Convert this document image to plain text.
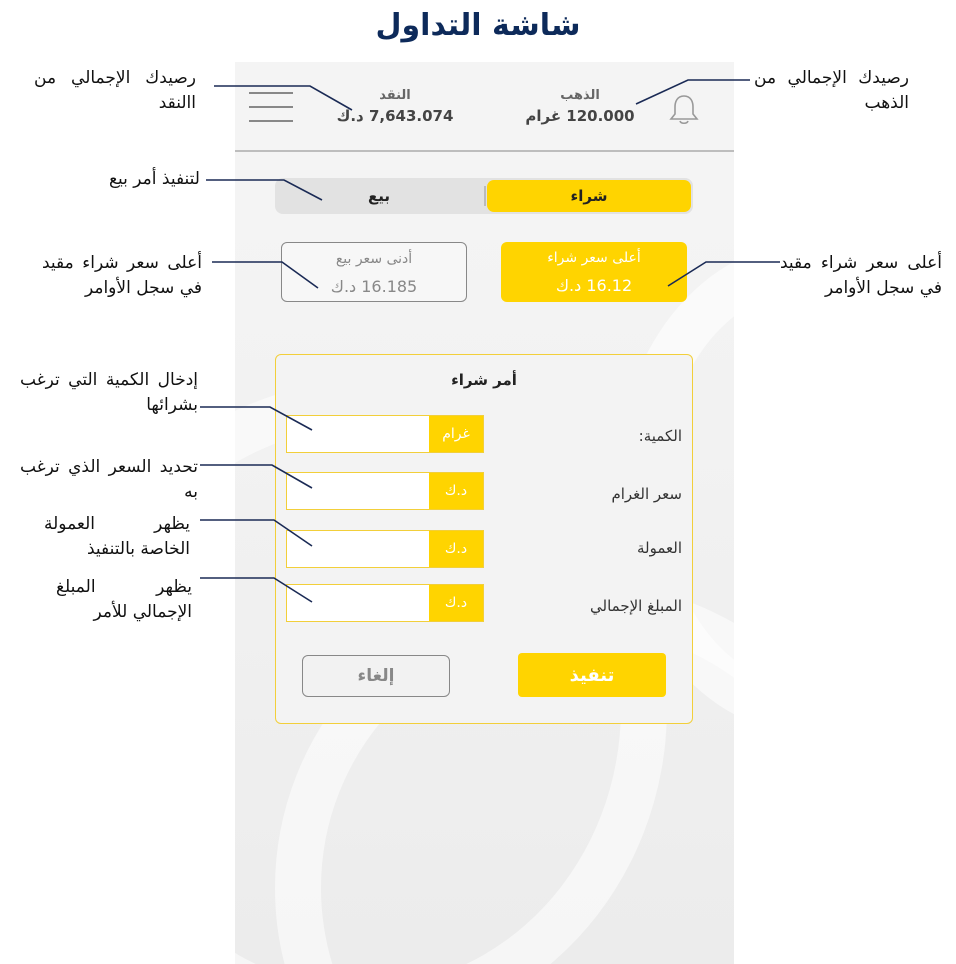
شاشة التداول
النقد
7,643.074 د.ك
الذهب
120.000 غرام
بيع	شراء
أعلى سعر شراء
16.12 د.ك
أدنى سعر بيع
16.185 د.ك
أمر شراء
الكمية:
غرام
سعر الغرام
د.ك
العمولة
د.ك
المبلغ الإجمالي
د.ك
تنفيذ
إلغاء
رصيدك الإجمالي من االنقد
رصيدك الإجمالي من الذهب
لتنفيذ أمر بيع
أعلى سعر شراء مقيد في سجل الأوامر
أعلى سعر شراء مقيد في سجل الأوامر
إدخال الكمية التي ترغب بشرائها
تحديد السعر الذي ترغب به
يظهر العمولة الخاصة بالتنفيذ
يظهر المبلغ الإجمالي للأمر
